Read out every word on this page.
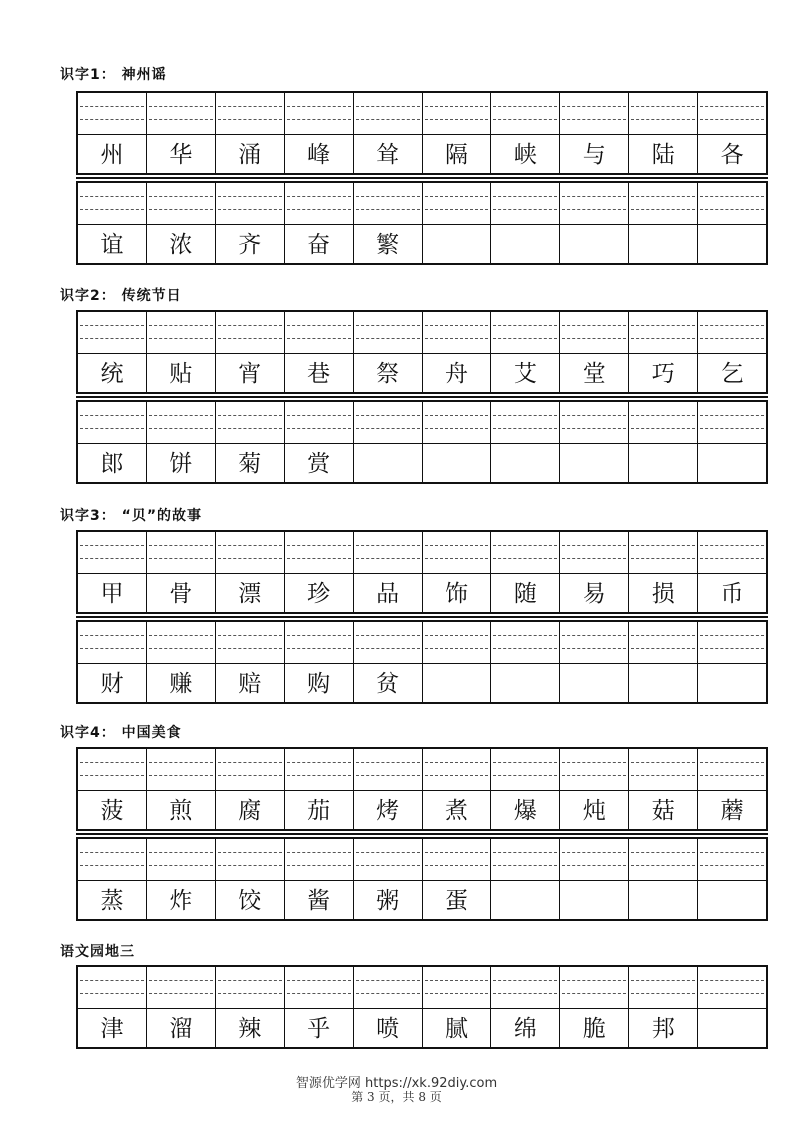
识字1： 神州谣
州	华	涌	峰	耸	隔	峡	与	陆	各
谊	浓	齐	奋	繁
识字2： 传统节日
统	贴	宵	巷	祭	舟	艾	堂	巧	乞
郎	饼	菊	赏
识字3： “贝”的故事
甲	骨	漂	珍	品	饰	随	易	损	币
财	赚	赔	购	贫
识字4： 中国美食
菠	煎	腐	茄	烤	煮	爆	炖	菇	蘑
蒸	炸	饺	酱	粥	蛋
语文园地三
津	溜	辣	乎	喷	腻	绵	脆	邦
智源优学网 https://xk.92diy.com
第 3 页，共 8 页
